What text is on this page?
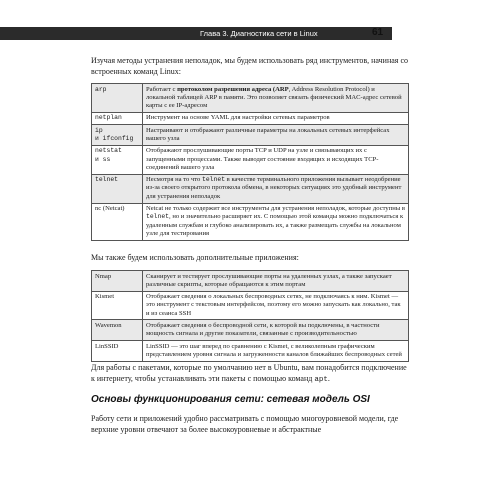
Глава 3. Диагностика сети в Linux	61
Изучая методы устранения неполадок, мы будем использовать ряд инструментов, начиная со встроенных команд Linux:
arp	Работает с протоколом разрешения адреса (ARP, Address Resolution Protocol) и локальной таблицей ARP в памяти. Это позволяет связать физический MAC-адрес сетевой карты с ее IP-адресом
netplan	Инструмент на основе YAML для настройки сетевых параметров
ip
и ifconfig	Настраивают и отображают различные параметры на локальных сетевых интерфейсах вашего узла
netstat
и ss	Отображают прослушивающие порты TCP и UDP на узле и связывающих их с запущенными процессами. Также выводят состояние входящих и исходящих TCP-соединений вашего узла
telnet	Несмотря на то что telnet в качестве терминального приложения вызывает неодобрение из-за своего открытого протокола обмена, в некоторых ситуациях это удобный инструмент для устранения неполадок
nc (Netcat)	Netcat не только содержит все инструменты для устранения неполадок, которые доступны в telnet, но и значительно расширяет их. С помощью этой команды можно подключаться к удаленным службам и глубоко анализировать их, а также размещать службы на локальном узле для тестирования
Мы также будем использовать дополнительные приложения:
Nmap	Сканирует и тестирует прослушивающие порты на удаленных узлах, а также запускает различные скрипты, которые обращаются к этим портам
Kismet	Отображает сведения о локальных беспроводных сетях, не подключаясь к ним. Kismet — это инструмент с текстовым интерфейсом, поэтому его можно запускать как локально, так и из сеанса SSH
Wavemon	Отображает сведения о беспроводной сети, к которой вы подключены, в частности мощность сигнала и другие показатели, связанные с производительностью
LinSSID	LinSSID — это шаг вперед по сравнению с Kismet, с великолепным графическим представлением уровня сигнала и загруженности каналов ближайших беспроводных сетей
Для работы с пакетами, которые по умолчанию нет в Ubuntu, вам понадобится подключение к интернету, чтобы устанавливать эти пакеты с помощью команд apt.
Основы функционирования сети: сетевая модель OSI
Работу сети и приложений удобно рассматривать с помощью многоуровневой модели, где верхние уровни отвечают за более высокоуровневые и абстрактные
